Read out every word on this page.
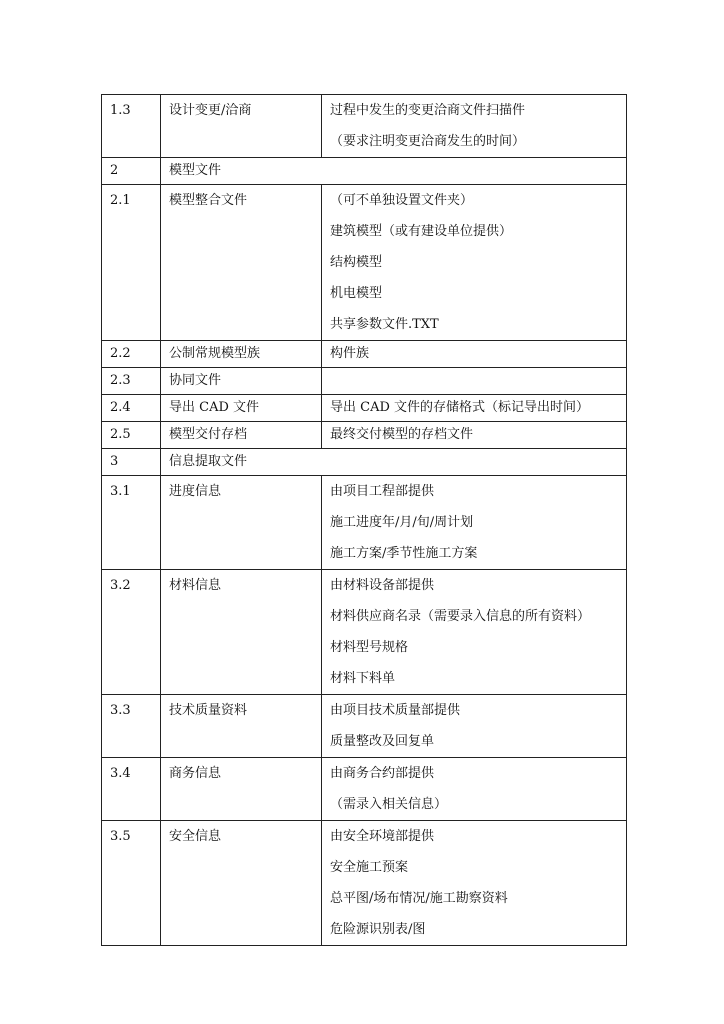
1.3	设计变更/洽商	过程中发生的变更洽商文件扫描件
（要求注明变更洽商发生的时间）

2	模型文件	
2.1	模型整合文件	（可不单独设置文件夹）
建筑模型（或有建设单位提供）
结构模型
机电模型
共享参数文件.TXT

2.2	公制常规模型族	构件族

2.3	协同文件	
2.4	导出 CAD 文件	导出 CAD 文件的存储格式（标记导出时间）

2.5	模型交付存档	最终交付模型的存档文件

3	信息提取文件	
3.1	进度信息	由项目工程部提供
施工进度年/月/旬/周计划
施工方案/季节性施工方案

3.2	材料信息	由材料设备部提供
材料供应商名录（需要录入信息的所有资料）
材料型号规格
材料下料单

3.3	技术质量资料	由项目技术质量部提供
质量整改及回复单

3.4	商务信息	由商务合约部提供
（需录入相关信息）

3.5	安全信息	由安全环境部提供
安全施工预案
总平图/场布情况/施工勘察资料
危险源识别表/图
